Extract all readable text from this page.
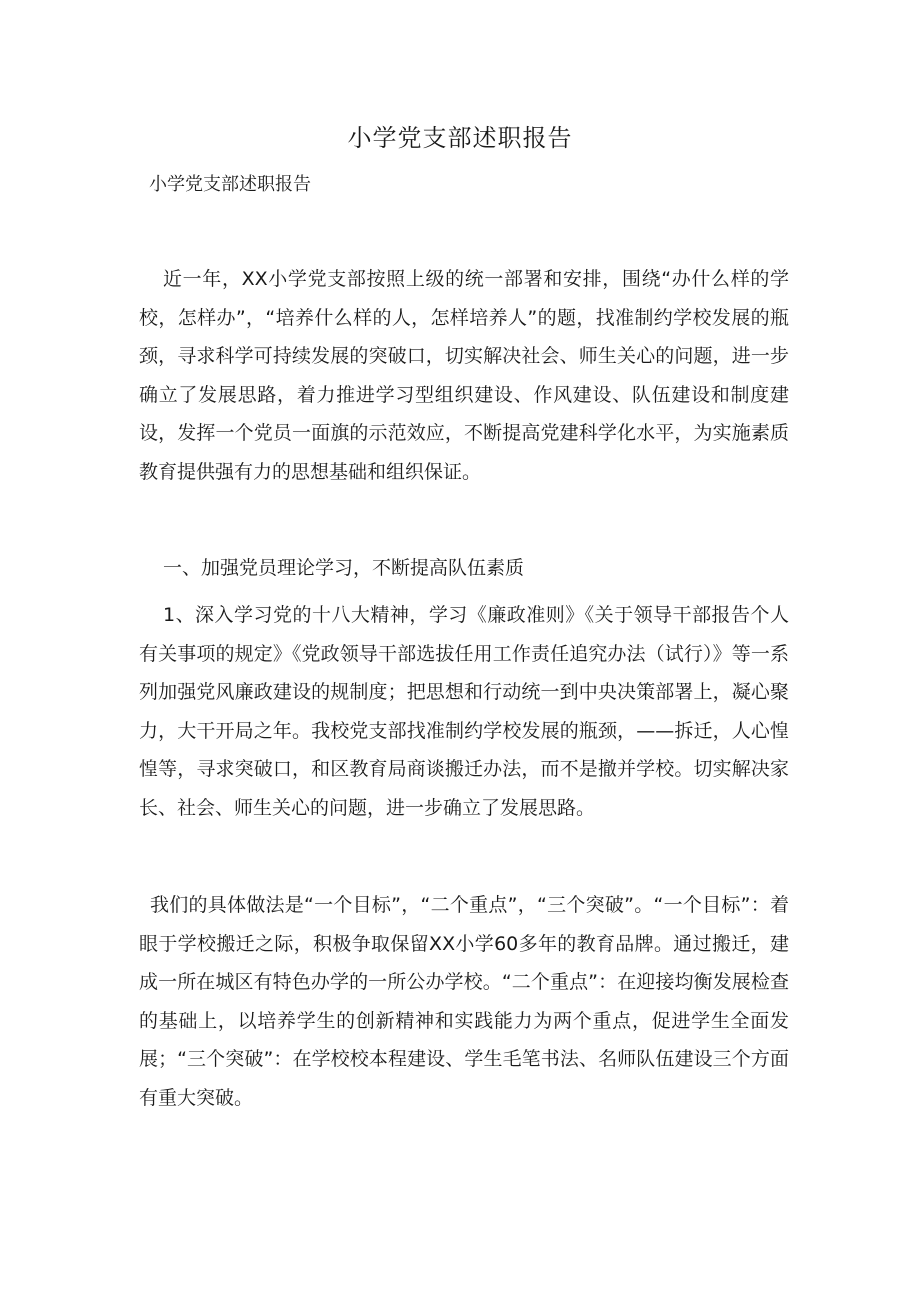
小学党支部述职报告
小学党支部述职报告

近一年，XX小学党支部按照上级的统一部署和安排，围绕“办什么样的学校，怎样办”，“培养什么样的人，怎样培养人”的题，找准制约学校发展的瓶颈，寻求科学可持续发展的突破口，切实解决社会、师生关心的问题，进一步确立了发展思路，着力推进学习型组织建设、作风建设、队伍建设和制度建设，发挥一个党员一面旗的示范效应，不断提高党建科学化水平，为实施素质教育提供强有力的思想基础和组织保证。

一、加强党员理论学习，不断提高队伍素质

1、深入学习党的十八大精神，学习《廉政准则》《关于领导干部报告个人有关事项的规定》《党政领导干部选拔任用工作责任追究办法（试行）》等一系列加强党风廉政建设的规制度；把思想和行动统一到中央决策部署上，凝心聚力，大干开局之年。我校党支部找准制约学校发展的瓶颈，——拆迁，人心惶惶等，寻求突破口，和区教育局商谈搬迁办法，而不是撤并学校。切实解决家长、社会、师生关心的问题，进一步确立了发展思路。

我们的具体做法是“一个目标”，“二个重点”，“三个突破”。“一个目标”：着眼于学校搬迁之际，积极争取保留XX小学60多年的教育品牌。通过搬迁，建成一所在城区有特色办学的一所公办学校。“二个重点”：在迎接均衡发展检查的基础上，以培养学生的创新精神和实践能力为两个重点，促进学生全面发展；“三个突破”：在学校校本程建设、学生毛笔书法、名师队伍建设三个方面有重大突破。
